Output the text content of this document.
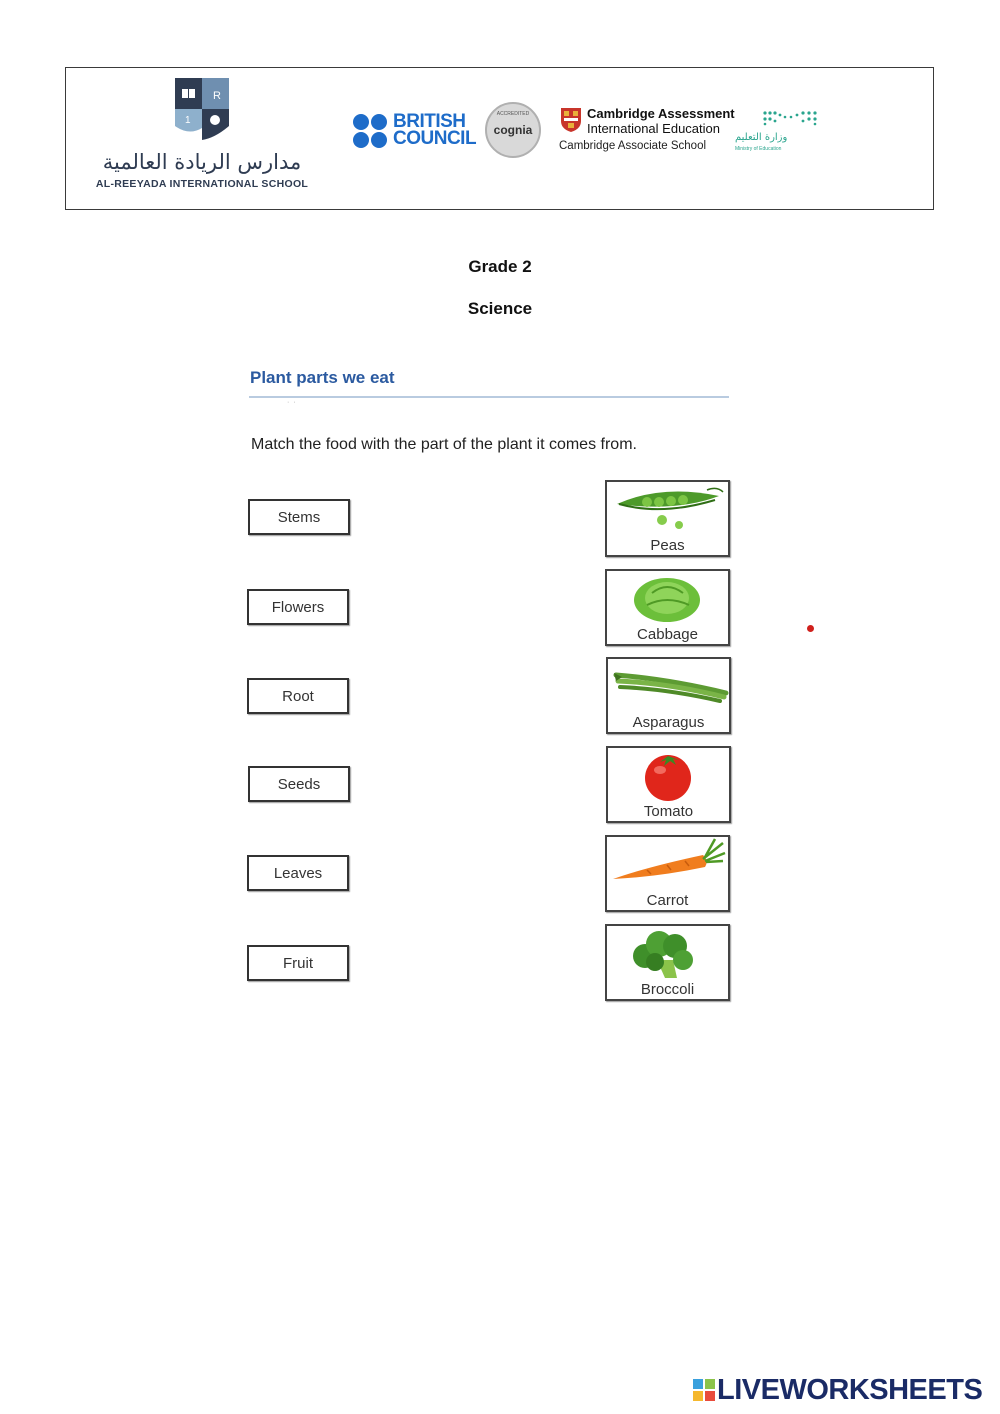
R
1
مدارس الريادة العالمية
AL-REEYADA INTERNATIONAL SCHOOL
BRITISH
COUNCIL
ACCREDITED
cognia
Cambridge Assessment
International Education
Cambridge Associate School
وزارة التعليم
Ministry of Education
Grade 2
Science
Plant parts we eat
··
Match the food with the part of the plant it comes from.
Stems
Flowers
Root
Seeds
Leaves
Fruit
Peas
Cabbage
Asparagus
Tomato
Carrot
Broccoli
LIVEWORKSHEETS
